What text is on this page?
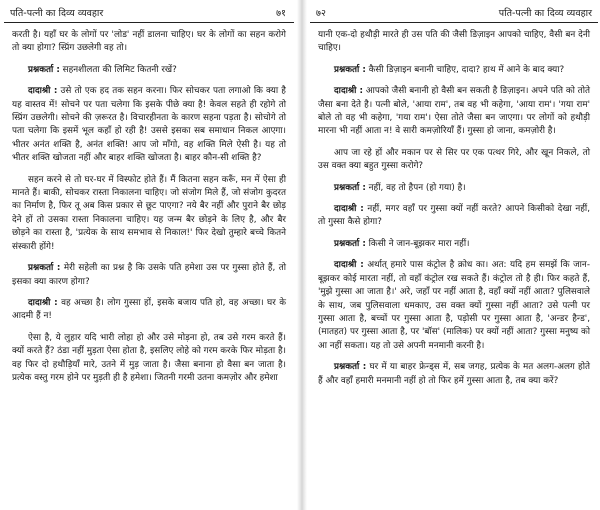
पति-पत्नी का दिव्य व्यवहार	७१

करती है। यहाँ घर के लोगों पर 'लोड' नहीं डालना चाहिए। घर के लोगों का सहन करोगे तो क्या होगा? स्प्रिंग उछलेगी वह तो।

प्रश्नकर्ता : सहनशीलता की लिमिट कितनी रखें?

दादाश्री : उसे तो एक हद तक सहन करना। फिर सोचकर पता लगाओ कि क्या है यह वास्तव में! सोचने पर पता चलेगा कि इसके पीछे क्या है! केवल सहते ही रहोगे तो स्प्रिंग उछलेगी। सोचने की ज़रूरत है। विचारहीनता के कारण सहना पड़ता है। सोचोगे तो पता चलेगा कि इसमें भूल कहाँ हो रही है! उससे इसका सब समाधान निकल आएगा। भीतर अनंत शक्ति है, अनंत शक्ति! आप जो माँगो, वह शक्ति मिले ऐसी है। यह तो भीतर शक्ति खोजता नहीं और बाहर शक्ति खोजता है। बाहर कौन-सी शक्ति है?

सहन करने से तो घर-घर में विस्फोट होते हैं। मैं कितना सहन करूँ, मन में ऐसा ही मानते हैं। बाकी, सोचकर रास्ता निकालना चाहिए। जो संजोग मिले हैं, जो संजोग कुदरत का निर्माण है, फिर तू अब किस प्रकार से छूट पाएगा? नये बैर नहीं और पुराने बैर छोड़ देने हों तो उसका रास्ता निकालना चाहिए। यह जन्म बैर छोड़ने के लिए है, और बैर छोड़ने का रास्ता है, 'प्रत्येक के साथ समभाव से निकाल!' फिर देखो तुम्हारे बच्चे कितने संस्कारी होंगे!

प्रश्नकर्ता : मेरी सहेली का प्रश्न है कि उसके पति हमेशा उस पर गुस्सा होते हैं, तो इसका क्या कारण होगा?

दादाश्री : वह अच्छा है। लोग गुस्सा हों, इसके बजाय पति हो, वह अच्छा। घर के आदमी हैं न!

ऐसा है, ये लुहार यदि भारी लोहा हो और उसे मोड़ना हो, तब उसे गरम करते हैं। क्यों करते हैं? ठंडा नहीं मुड़ता ऐसा होता है, इसलिए लोहे को गरम करके फिर मोड़ता है। वह फिर दो हथौड़ियाँ मारे, उतने में मुड़ जाता है। जैसा बनाना हो वैसा बन जाता है। प्रत्येक वस्तु गरम होने पर मुड़ती ही है हमेशा। जितनी गरमी उतना कमज़ोर और हमेशा

७२	पति-पत्नी का दिव्य व्यवहार

यानी एक-दो हथौड़ी मारते ही उस पति की जैसी डिज़ाइन आपको चाहिए, वैसी बन देनी चाहिए।

प्रश्नकर्ता : कैसी डिज़ाइन बनानी चाहिए, दादा? हाथ में आने के बाद क्या?

दादाश्री : आपको जैसी बनानी हो वैसी बन सकती है डिज़ाइन। अपने पति को तोते जैसा बना देते है। पत्नी बोले, 'आया राम', तब वह भी कहेगा, 'आया राम'। 'गया राम' बोले तो वह भी कहेगा, 'गया राम'। ऐसा तोते जैसा बन जाएगा। पर लोगों को हथौड़ी मारना भी नहीं आता न! वे सारी कमज़ोरियाँ हैं। गुस्सा हो जाना, कमज़ोरी है।

आप जा रहे हों और मकान पर से सिर पर एक पत्थर गिरे, और खून निकले, तो उस वक्त क्या बहुत गुस्सा करोगे?

प्रश्नकर्ता : नहीं, वह तो हैपन (हो गया) है।

दादाश्री : नहीं, मगर वहाँ पर गुस्सा क्यों नहीं करते? आपने किसीको देखा नहीं, तो गुस्सा कैसे होगा?

प्रश्नकर्ता : किसी ने जान-बूझकर मारा नहीं।

दादाश्री : अर्थात् हमारे पास कंट्रोल है क्रोध का। अत: यदि हम समझें कि जान-बूझकर कोई मारता नहीं, तो वहाँ कंट्रोल रख सकते हैं। कंट्रोल तो है ही। फिर कहते हैं, 'मुझे गुस्सा आ जाता है।' अरे, जहाँ पर नहीं आता है, वहाँ क्यों नहीं आता? पुलिसवाले के साथ, जब पुलिसवाला धमकाए, उस वक्त क्यों गुस्सा नहीं आता? उसे पत्नी पर गुस्सा आता है, बच्चों पर गुस्सा आता है, पड़ोसी पर गुस्सा आता है, 'अन्डर हैन्ड', (मातहत) पर गुस्सा आता है, पर 'बॉस' (मालिक) पर क्यों नहीं आता? गुस्सा मनुष्य को आ नहीं सकता। यह तो उसे अपनी मनमानी करनी है।

प्रश्नकर्ता : घर में या बाहर फ्रेन्ड्स में, सब जगह, प्रत्येक के मत अलग-अलग होते हैं और वहाँ हमारी मनमानी नहीं हो तो फिर हमें गुस्सा आता है, तब क्या करें?
